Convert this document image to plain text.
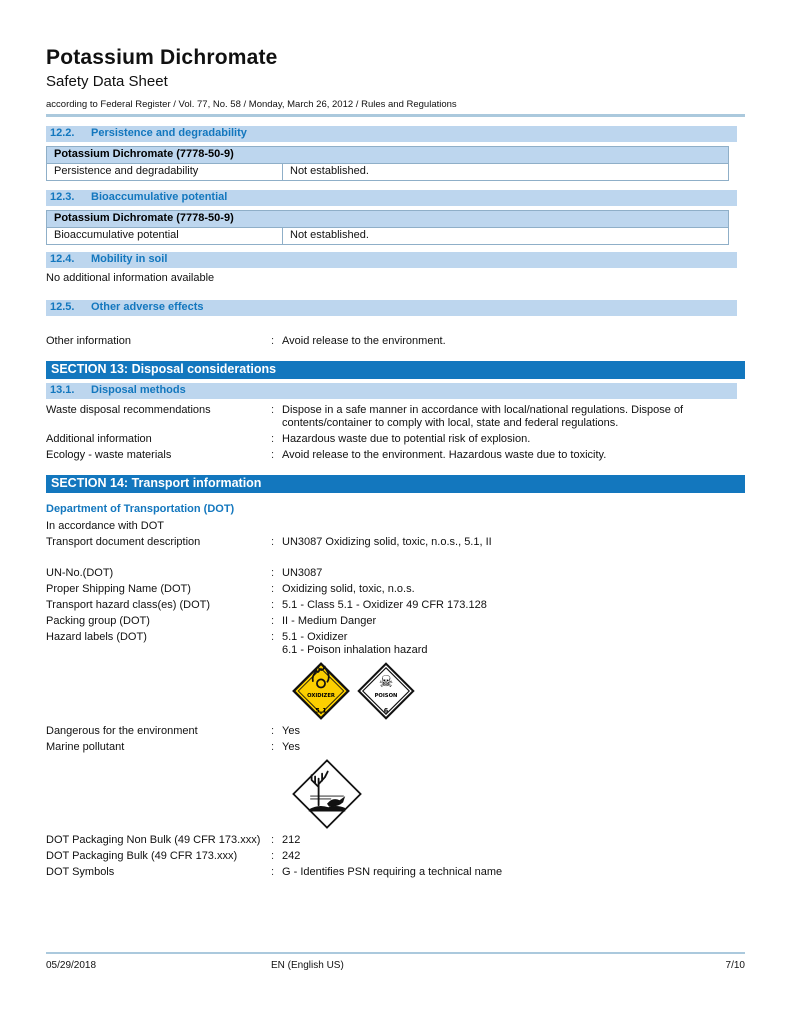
Potassium Dichromate
Safety Data Sheet
according to Federal Register / Vol. 77, No. 58 / Monday, March 26, 2012 / Rules and Regulations
12.2.	Persistence and degradability
Potassium Dichromate (7778-50-9)
Persistence and degradability	Not established.
12.3.	Bioaccumulative potential
Potassium Dichromate (7778-50-9)
Bioaccumulative potential	Not established.
12.4.	Mobility in soil
No additional information available
12.5.	Other adverse effects
Other information	: Avoid release to the environment.
SECTION 13: Disposal considerations
13.1.	Disposal methods
Waste disposal recommendations	: Dispose in a safe manner in accordance with local/national regulations. Dispose of contents/container to comply with local, state and federal regulations.
Additional information	: Hazardous waste due to potential risk of explosion.
Ecology - waste materials	: Avoid release to the environment. Hazardous waste due to toxicity.
SECTION 14: Transport information
Department of Transportation (DOT)
In accordance with DOT
Transport document description	: UN3087 Oxidizing solid, toxic, n.o.s., 5.1, II
UN-No.(DOT)	: UN3087
Proper Shipping Name (DOT)	: Oxidizing solid, toxic, n.o.s.
Transport hazard class(es) (DOT)	: 5.1 - Class 5.1 - Oxidizer 49 CFR 173.128
Packing group (DOT)	: II - Medium Danger
Hazard labels (DOT)	: 5.1 - Oxidizer
6.1 - Poison inhalation hazard
OXIDIZER
5.1
☠
POISON
6
Dangerous for the environment	: Yes
Marine pollutant	: Yes
DOT Packaging Non Bulk (49 CFR 173.xxx) : 212
DOT Packaging Bulk (49 CFR 173.xxx)	: 242
DOT Symbols	: G - Identifies PSN requiring a technical name
05/29/2018	EN (English US)	7/10
